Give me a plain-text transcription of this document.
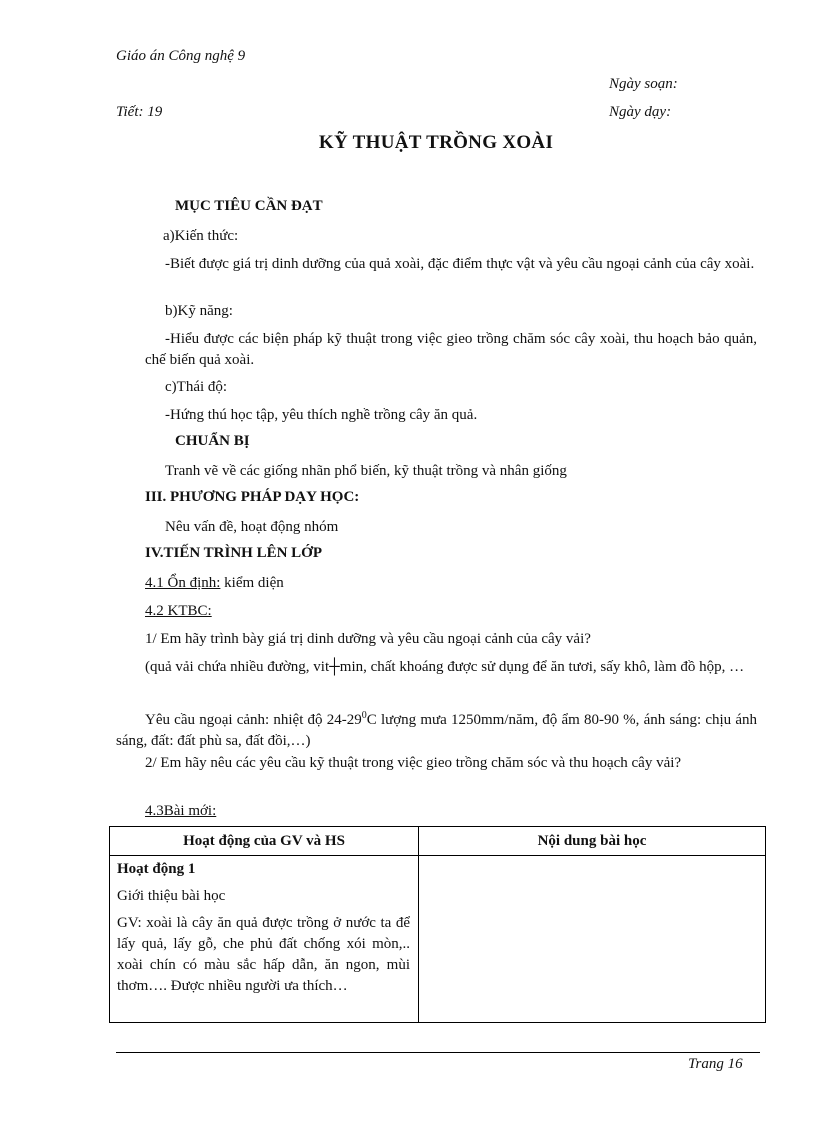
Giáo án Công nghệ 9
Ngày soạn:
Tiết: 19	Ngày dạy:
KỸ THUẬT TRỒNG XOÀI
MỤC TIÊU CẦN ĐẠT
a)Kiến thức:
-Biết được giá trị dinh dưỡng của quả xoài, đặc điểm thực vật và yêu cầu ngoại cảnh của cây xoài.
b)Kỹ năng:
-Hiểu được các biện pháp kỹ thuật trong việc gieo trồng chăm sóc cây xoài, thu hoạch bảo quản, chế biến quả xoài.
c)Thái độ:
-Hứng thú học tập, yêu thích nghề trồng cây ăn quả.
CHUẨN BỊ
Tranh vẽ về các giống nhãn phổ biến, kỹ thuật trồng và nhân giống
III. PHƯƠNG PHÁP DẠY HỌC:
Nêu vấn đề, hoạt động nhóm
IV.TIẾN TRÌNH LÊN LỚP
4.1 Ổn định: kiểm diện
4.2 KTBC:
1/ Em hãy trình bày giá trị dinh dưỡng và yêu cầu ngoại cảnh của cây vải?
(quả vải chứa nhiều đường, vit┼min, chất khoáng được sử dụng để ăn tươi, sấy khô, làm đồ hộp, …
Yêu cầu ngoại cảnh: nhiệt độ $24-29^0C$ lượng mưa 1250mm/năm, độ ẩm 80-90 %, ánh sáng: chịu ánh sáng, đất: đất phù sa, đất đồi,…)
2/ Em hãy nêu các yêu cầu kỹ thuật trong việc gieo trồng chăm sóc và thu hoạch cây vải?
4.3Bài mới:
Hoạt động của GV và HS	Nội dung bài học

Hoạt động 1

Giới thiệu bài học

GV: xoài là cây ăn quả được trồng ở nước ta để lấy quả, lấy gỗ, che phủ đất chống xói mòn,.. xoài chín có màu sắc hấp dẫn, ăn ngon, mùi thơm…. Được nhiều người ưa thích…	

Trang 16
